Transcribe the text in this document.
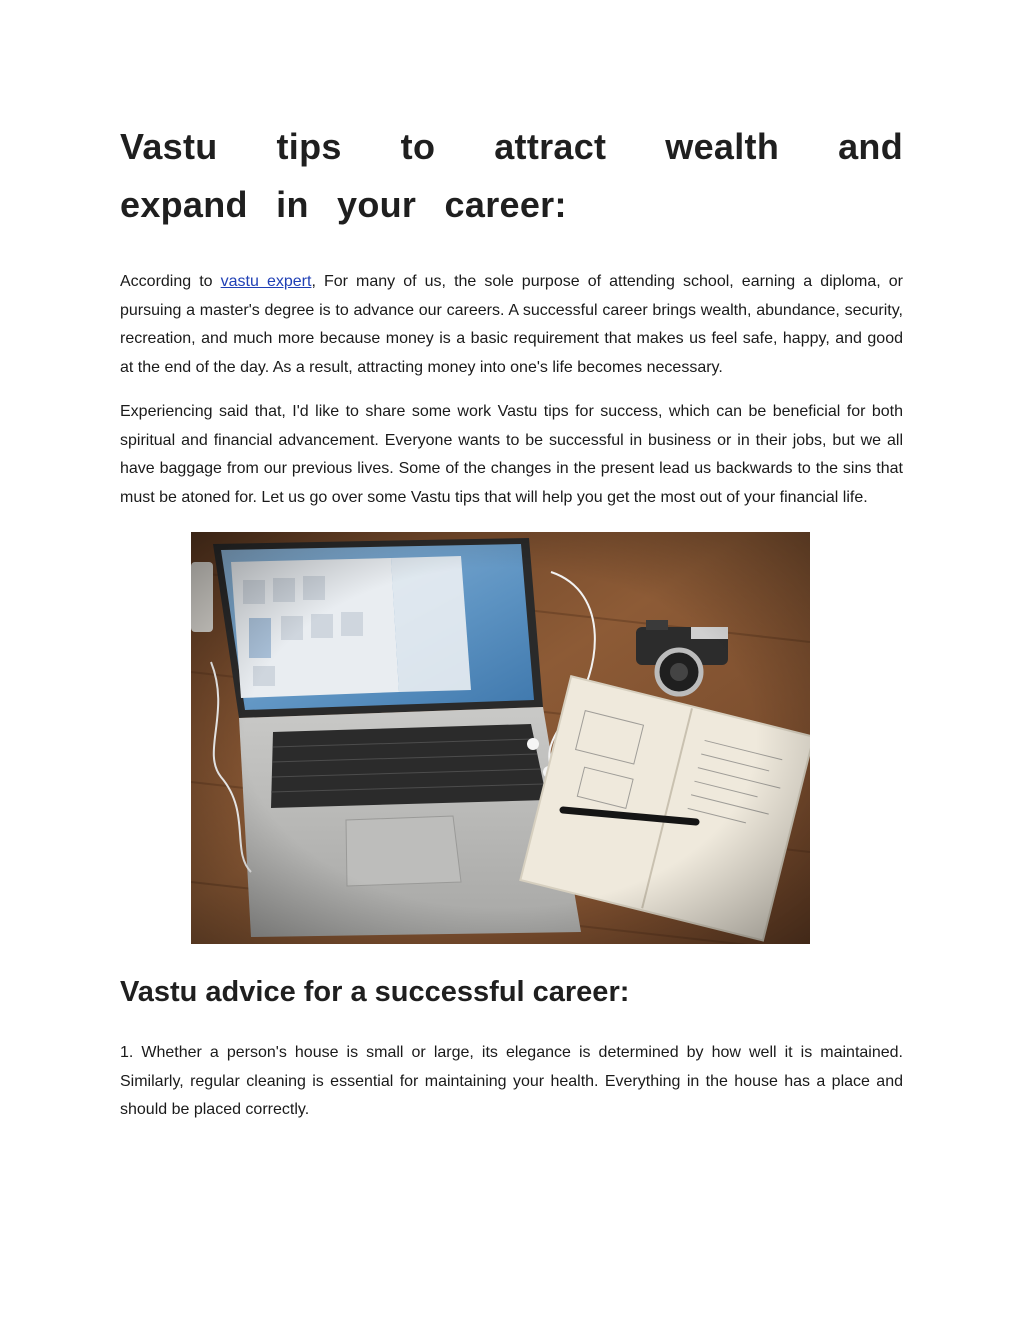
Vastu tips to attract wealth and expand in your career:

According to vastu expert, For many of us, the sole purpose of attending school, earning a diploma, or pursuing a master's degree is to advance our careers. A successful career brings wealth, abundance, security, recreation, and much more because money is a basic requirement that makes us feel safe, happy, and good at the end of the day. As a result, attracting money into one's life becomes necessary.

Experiencing said that, I'd like to share some work Vastu tips for success, which can be beneficial for both spiritual and financial advancement. Everyone wants to be successful in business or in their jobs, but we all have baggage from our previous lives. Some of the changes in the present lead us backwards to the sins that must be atoned for. Let us go over some Vastu tips that will help you get the most out of your financial life.

Vastu advice for a successful career:

1. Whether a person's house is small or large, its elegance is determined by how well it is maintained. Similarly, regular cleaning is essential for maintaining your health. Everything in the house has a place and should be placed correctly.
